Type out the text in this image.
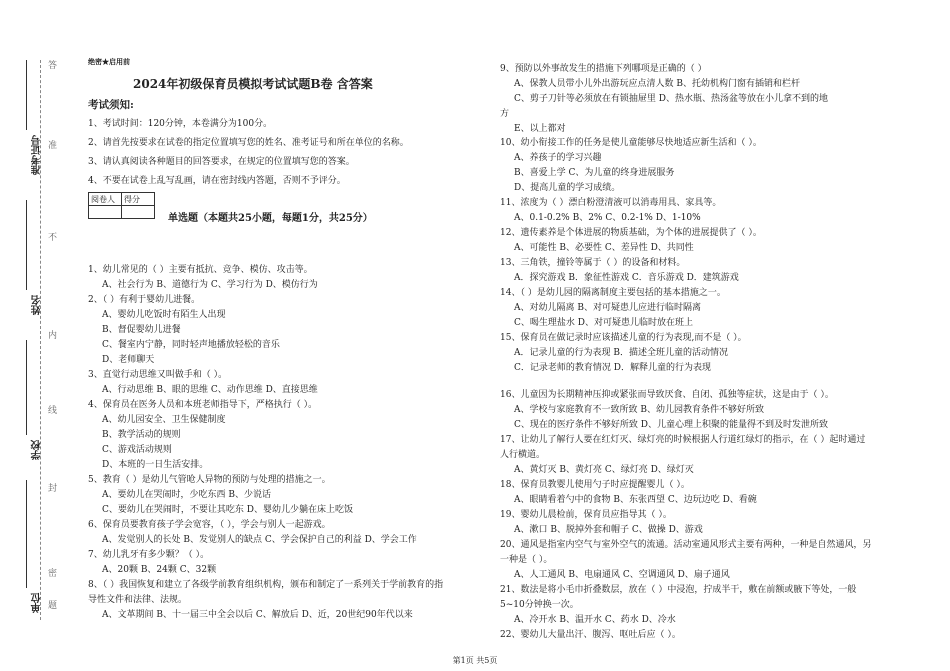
准考证号
姓名
学校
单位
答
准
不
内
线
封
密
题
绝密★启用前
2024年初级保育员模拟考试试题B卷 含答案
考试须知:
1、考试时间：120分钟，本卷满分为100分。
2、请首先按要求在试卷的指定位置填写您的姓名、准考证号和所在单位的名称。
3、请认真阅读各种题目的回答要求，在规定的位置填写您的答案。
4、不要在试卷上乱写乱画，请在密封线内答题，否则不予评分。
阅卷人	得分

单选题（本题共25小题，每题1分，共25分）
1、幼儿常见的（ ）主要有抵抗、竞争、模仿、攻击等。
A、社会行为 B、道德行为 C、学习行为 D、模仿行为
2、（ ）有利于婴幼儿进餐。
A、婴幼儿吃饭时有陌生人出现
B、督促婴幼儿进餐
C、餐室内宁静，同时轻声地播放轻松的音乐
D、老师聊天
3、直觉行动思维又叫做手和（ ）。
A、行动思维 B、眼的思维 C、动作思维 D、直接思维
4、保育员在医务人员和本班老师指导下，严格执行（ ）。
A、幼儿园安全、卫生保健制度
B、教学活动的规则
C、游戏活动规则
D、本班的一日生活安排。
5、教育（ ）是幼儿气管呛人异物的预防与处理的措施之一。
A、要幼儿在哭闹时，少吃东西 B、少说话
C、要幼儿在哭闹时，不要让其吃东 D、婴幼儿少躺在床上吃饭
6、保育员要教育孩子学会宽容，（ ），学会与别人一起游戏。
A、发觉别人的长处 B、发觉别人的缺点 C、学会保护自己的利益 D、学会工作
7、幼儿乳牙有多少颗？（ ）。
A、20颗 B、24颗 C、32颗
8、（ ）我国恢复和建立了各级学前教育组织机构，颁布和制定了一系列关于学前教育的指
导性文件和法律、法规。
A、文革期间 B、十一届三中全会以后 C、解放后 D、近，20世纪90年代以来
9、预防以外事故发生的措施下列哪项是正确的（ ）
A、保教人员带小儿外出游玩应点清人数 B、托幼机构门窗有插销和栏杆
C、剪子刀针等必须放在有锁抽屉里 D、热水瓶、热汤盆等放在小儿拿不到的地
方
E、以上都对
10、幼小衔接工作的任务是使儿童能够尽快地适应新生活和（ ）。
A、养孩子的学习兴趣
B、喜爱上学 C、为儿童的终身进展服务
D、提高儿童的学习成绩。
11、浓度为（ ）漂白粉澄清液可以消毒用具、家具等。
A、0.1-0.2% B、2% C、0.2-1% D、1-10%
12、遗传素养是个体进展的物质基础，为个体的进展提供了（ ）。
A、可能性 B、必要性 C、差异性 D、共同性
13、三角铁，撞铃等属于（ ）的设备和材料。
A．探究游戏 B．象征性游戏 C．音乐游戏 D．建筑游戏
14、（ ）是幼儿园的隔离制度主要包括的基本措施之一。
A、对幼儿隔离 B、对可疑患儿应进行临时隔离
C、喝生理盐水 D、对可疑患儿临时放在班上
15、保育员在做记录时应该描述儿童的行为表现,而不是（ ）。
A．记录儿童的行为表现 B．描述全班儿童的活动情况
C．记录老师的教育情况 D．解释儿童的行为表现
16、儿童因为长期精神压抑或紧张而导致厌食、自闭、孤独等症状，这是由于（ ）。
A、学校与家庭教育不一致所致 B、幼儿园教育条件不够好所致
C、现在的医疗条件不够好所致 D、儿童心理上积聚的能量得不到及时发泄所致
17、让幼儿了解行人要在红灯灭、绿灯亮的时候根据人行道红绿灯的指示，在（ ）起时通过
人行横道。
A、黄灯灭 B、黄灯亮 C、绿灯亮 D、绿灯灭
18、保育员教婴儿使用勺子时应提醒婴儿（ ）。
A、眼睛看着勺中的食物 B、东张西望 C、边玩边吃 D、看碗
19、婴幼儿晨检前，保育员应指导其（ ）。
A、漱口 B、脱掉外套和帽子 C、做操 D、游戏
20、通风是指室内空气与室外空气的流通。活动室通风形式主要有两种，一种是自然通风，另
一种是（ ）。
A、人工通风 B、电扇通风 C、空调通风 D、扇子通风
21、数法是将小毛巾折叠数层，放在（ ）中浸泡，拧成半干，敷在前额或腋下等处，一般
5~10分钟换一次。
A、冷开水 B、温开水 C、药水 D、冷水
22、婴幼儿大量出汗、腹泻、呕吐后应（ ）。
第1页 共5页
